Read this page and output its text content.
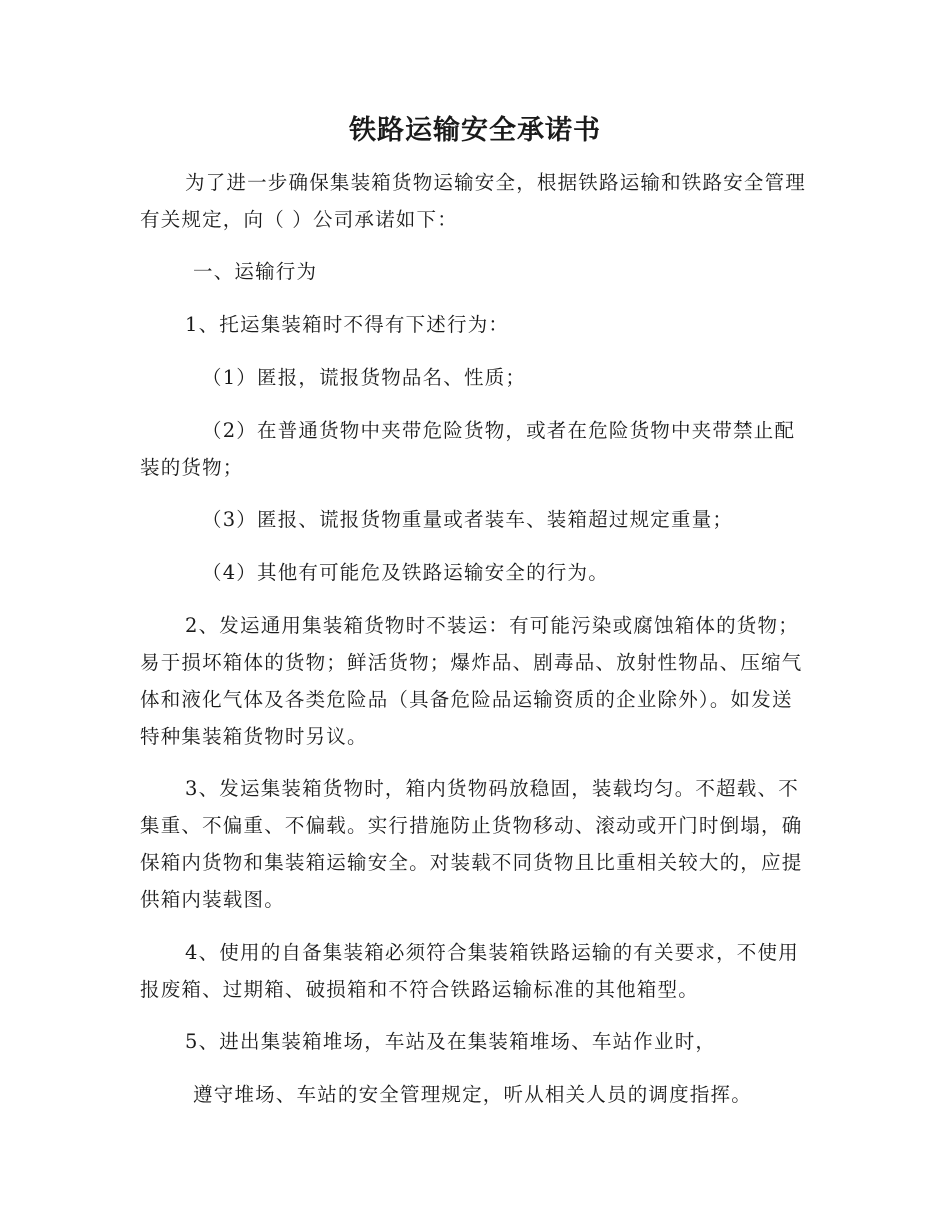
铁路运输安全承诺书

为了进一步确保集装箱货物运输安全，根据铁路运输和铁路安全管理有关规定，向（ ）公司承诺如下：

一、运输行为

1、托运集装箱时不得有下述行为：

（1）匿报，谎报货物品名、性质；

（2）在普通货物中夹带危险货物，或者在危险货物中夹带禁止配装的货物；

（3）匿报、谎报货物重量或者装车、装箱超过规定重量；

（4）其他有可能危及铁路运输安全的行为。

2、发运通用集装箱货物时不装运：有可能污染或腐蚀箱体的货物；易于损坏箱体的货物；鲜活货物；爆炸品、剧毒品、放射性物品、压缩气体和液化气体及各类危险品（具备危险品运输资质的企业除外）。如发送特种集装箱货物时另议。

3、发运集装箱货物时，箱内货物码放稳固，装载均匀。不超载、不集重、不偏重、不偏载。实行措施防止货物移动、滚动或开门时倒塌，确保箱内货物和集装箱运输安全。对装载不同货物且比重相关较大的，应提供箱内装载图。

4、使用的自备集装箱必须符合集装箱铁路运输的有关要求，不使用报废箱、过期箱、破损箱和不符合铁路运输标准的其他箱型。

5、进出集装箱堆场，车站及在集装箱堆场、车站作业时，

遵守堆场、车站的安全管理规定，听从相关人员的调度指挥。
